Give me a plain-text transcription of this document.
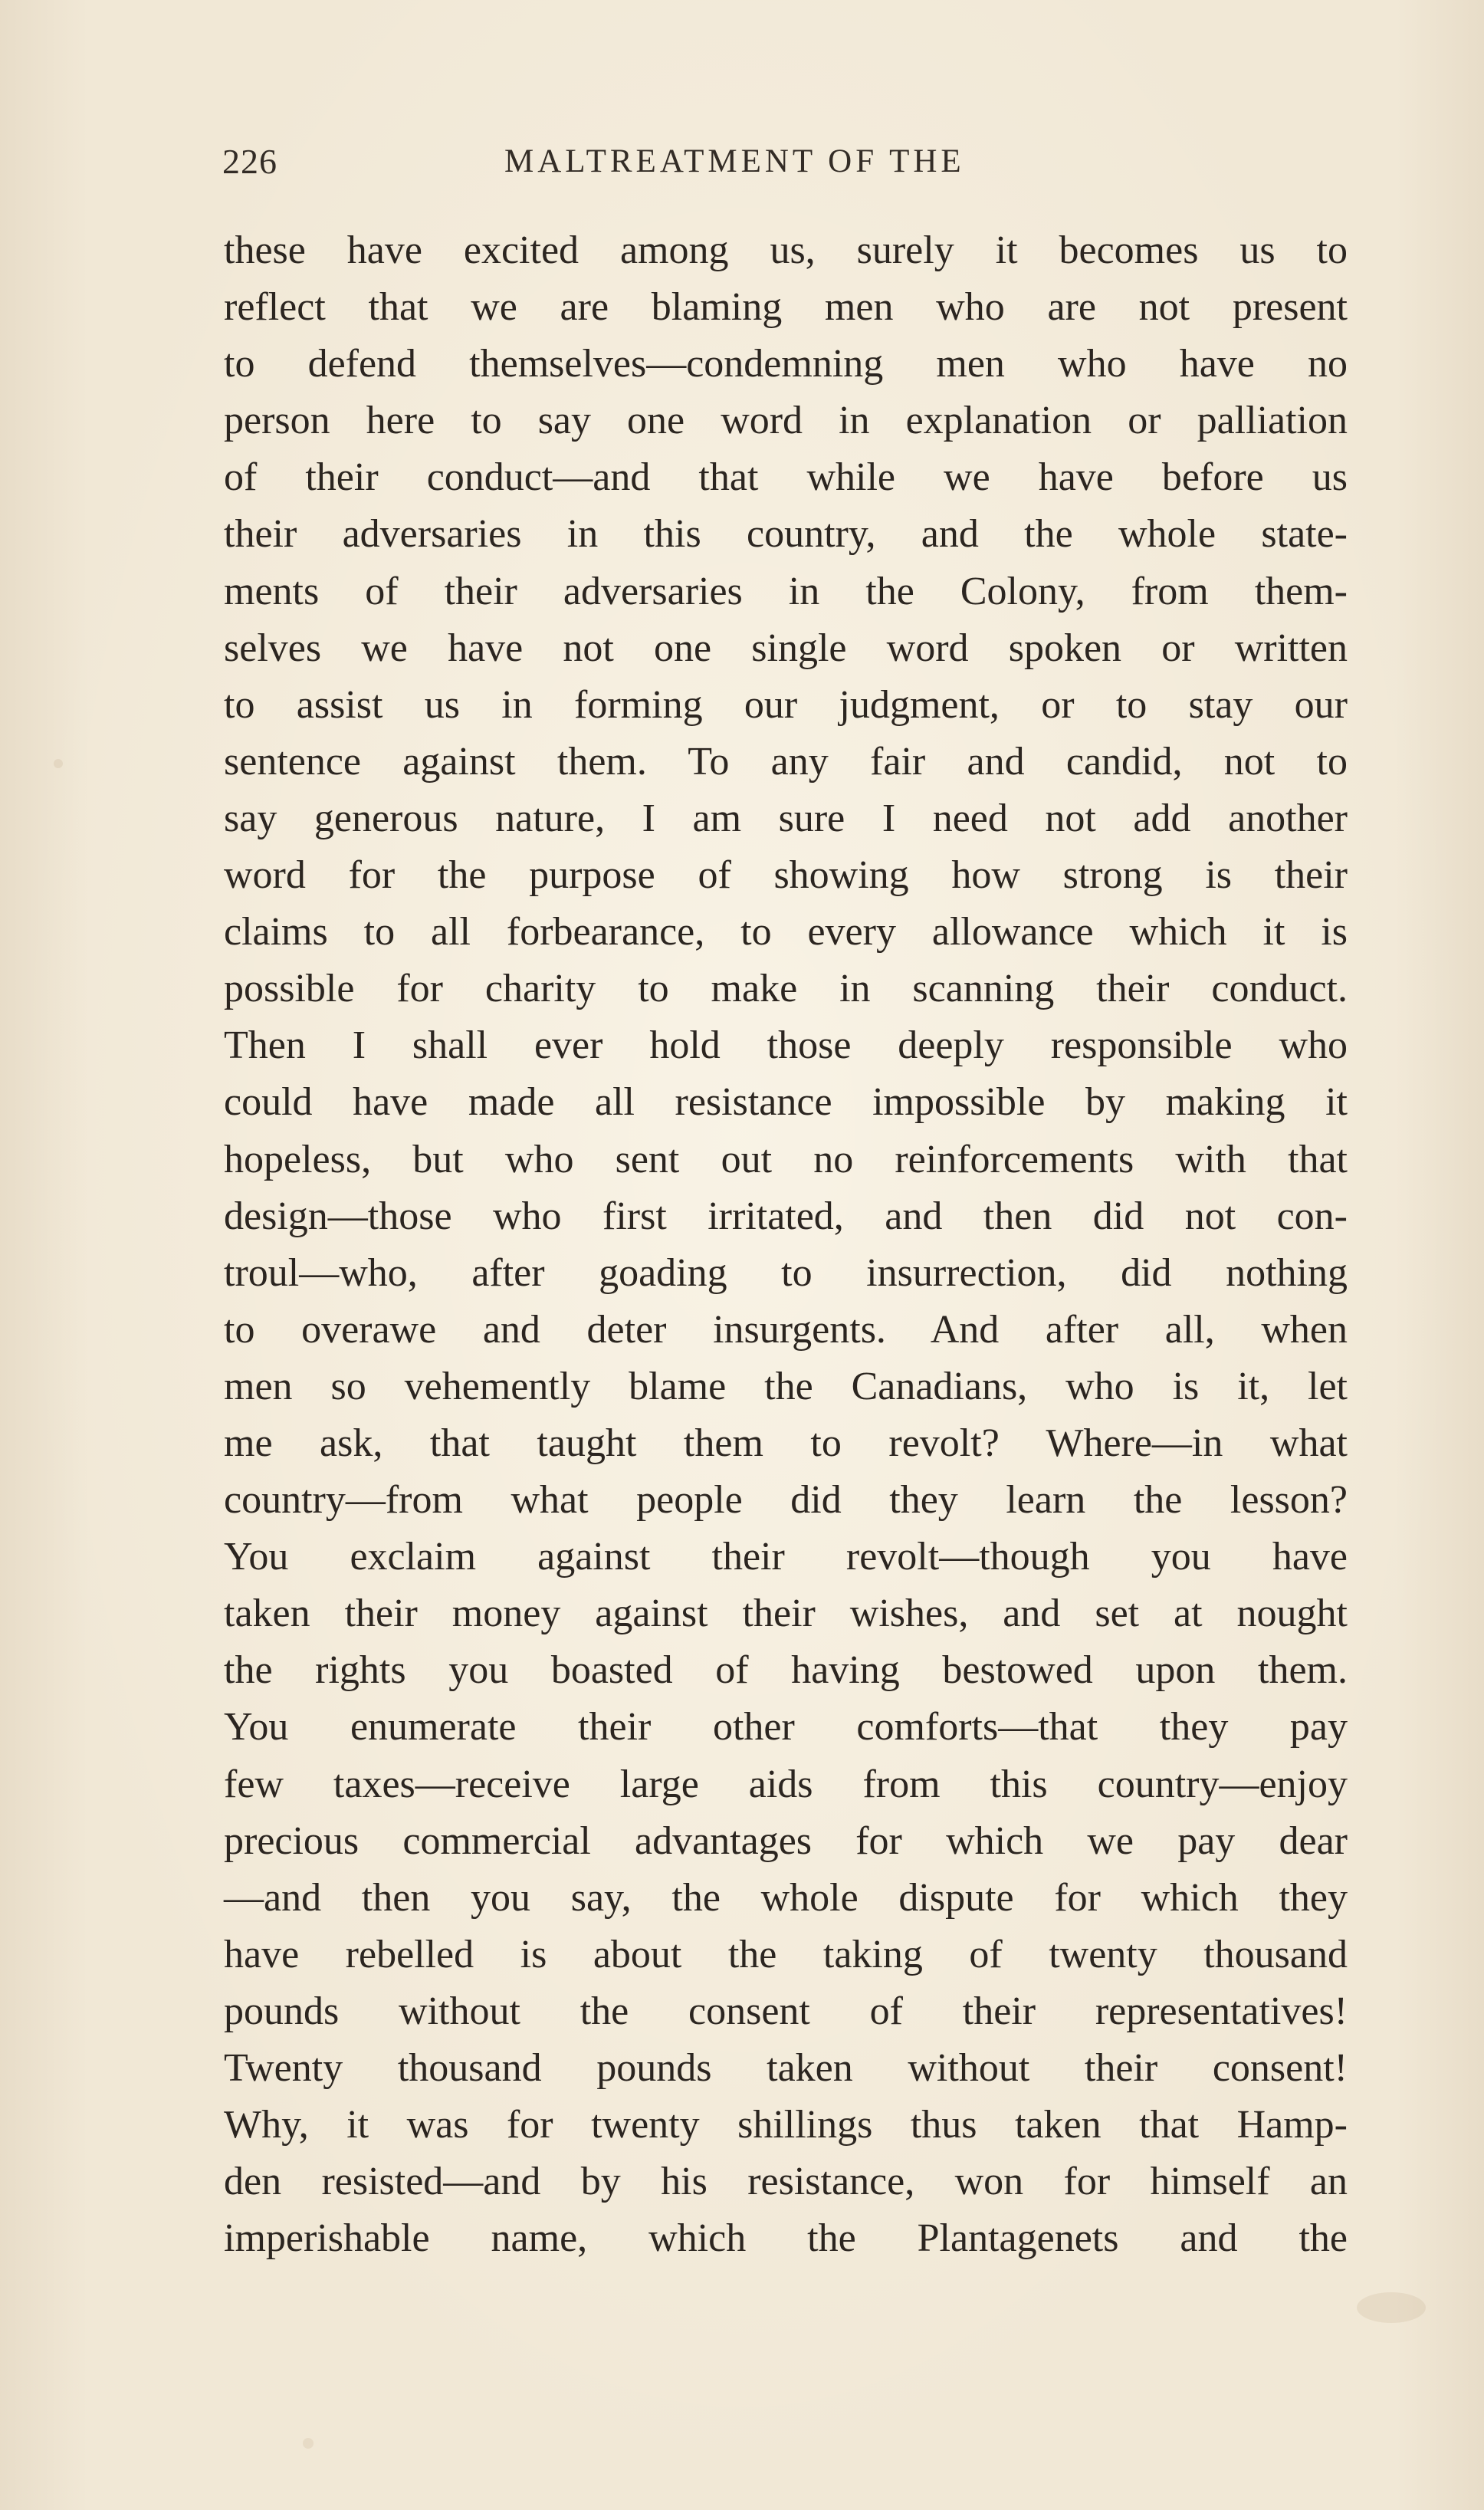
226	MALTREATMENT OF THE
these have excited among us, surely it becomes us to
reflect that we are blaming men who are not present
to defend themselves—condemning men who have no
person here to say one word in explanation or palliation
of their conduct—and that while we have before us
their adversaries in this country, and the whole state-
ments of their adversaries in the Colony, from them-
selves we have not one single word spoken or written
to assist us in forming our judgment, or to stay our
sentence against them. To any fair and candid, not to
say generous nature, I am sure I need not add another
word for the purpose of showing how strong is their
claims to all forbearance, to every allowance which it is
possible for charity to make in scanning their conduct.
Then I shall ever hold those deeply responsible who
could have made all resistance impossible by making it
hopeless, but who sent out no reinforcements with that
design—those who first irritated, and then did not con-
troul—who, after goading to insurrection, did nothing
to overawe and deter insurgents. And after all, when
men so vehemently blame the Canadians, who is it, let
me ask, that taught them to revolt? Where—in what
country—from what people did they learn the lesson?
You exclaim against their revolt—though you have
taken their money against their wishes, and set at nought
the rights you boasted of having bestowed upon them.
You enumerate their other comforts—that they pay
few taxes—receive large aids from this country—enjoy
precious commercial advantages for which we pay dear
—and then you say, the whole dispute for which they
have rebelled is about the taking of twenty thousand
pounds without the consent of their representatives!
Twenty thousand pounds taken without their consent!
Why, it was for twenty shillings thus taken that Hamp-
den resisted—and by his resistance, won for himself an
imperishable name, which the Plantagenets and the
